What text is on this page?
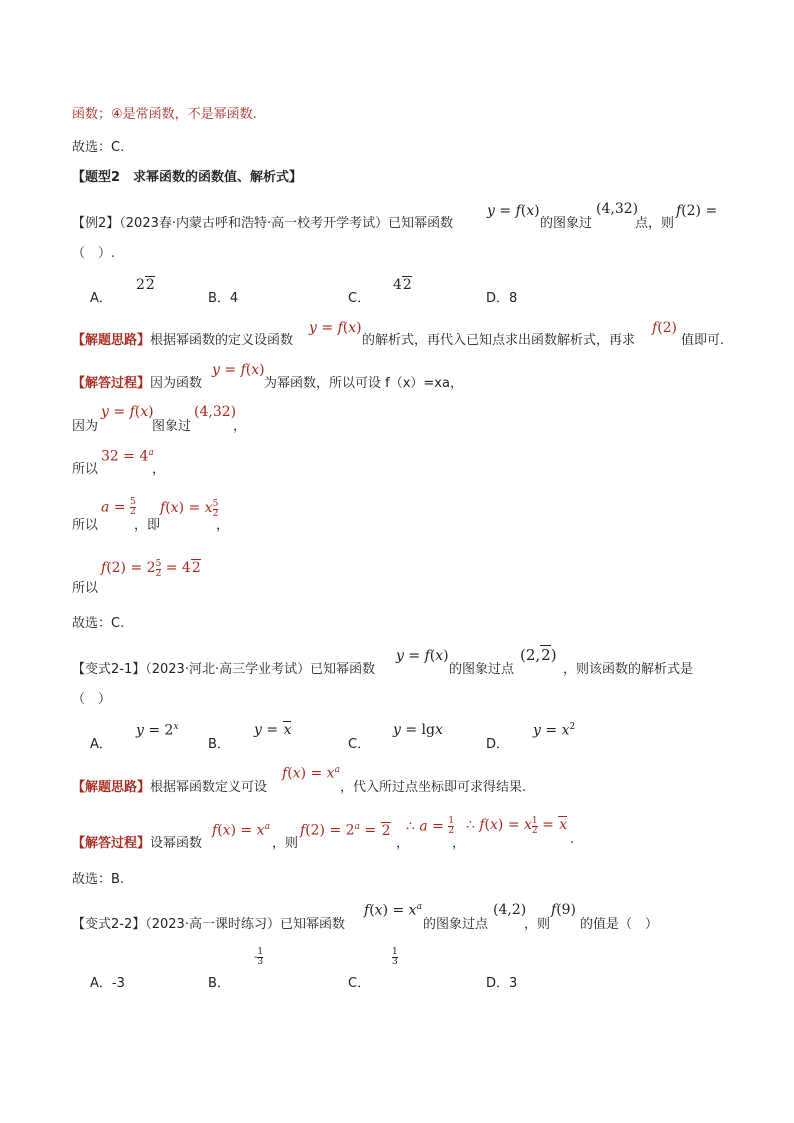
函数；④是常函数，不是幂函数.
故选：C.
【题型2　求幂函数的函数值、解析式】
【例2】（2023春·内蒙古呼和浩特·高一校考开学考试）已知幂函数
y = f(x)
的图象过
(4,32)
点，则
f(2) =
（　）.
A．
22
B．4	C．
42
D．8
【解题思路】根据幂函数的定义设函数
y = f(x)
的解析式，再代入已知点求出函数解析式，再求
f(2)
值即可.
【解答过程】因为函数
y = f(x)
为幂函数，所以可设 f（x）=xa，
因为
y = f(x)
图象过
(4,32)
，
所以
$32 = 4^a$
，
所以
$a = \frac{5}{2}$
，即
f(x) = x $\frac{5}{2}$
，
所以
$f(2) = 2 \frac{5}{2} = 42$
故选：C.
【变式2-1】（2023·河北·高三学业考试）已知幂函数
y = f(x)
的图象过点
(2,2)
，则该函数的解析式是
（　）
A．
$y = 2^x$
B．
y = x
C．
y = lgx
D．
$y = x^2$
【解题思路】根据幂函数定义可设
$f(x) = x^a$
，代入所过点坐标即可求得结果.
【解答过程】设幂函数
$f(x) = x^a$
，则
$f(2) = 2^a = 2$
，
∴ $a = \frac{1}{2}$
，
∴ f(x) = x $\frac{1}{2} = x$
.
故选：B.
【变式2-2】（2023·高一课时练习）已知幂函数
$f(x) = x^a$
的图象过点
(4,2)
，则
f(9)
的值是（　）
A．-3	B．
- $\frac{1}{3}$
C．
$\frac{1}{3}$
D．3
